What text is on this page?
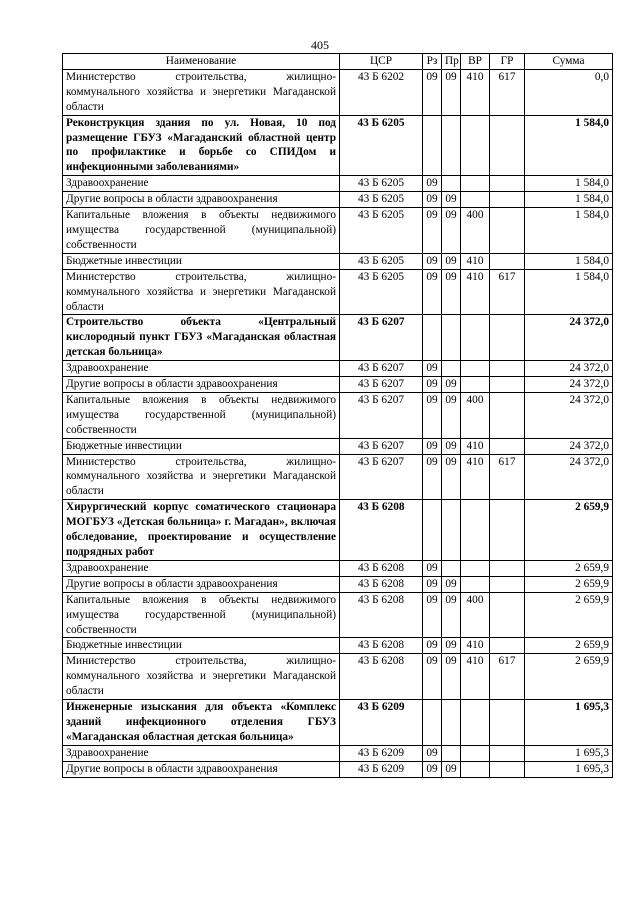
405
Наименование	ЦСР	Рз	Пр	ВР	ГР	Сумма
Министерство строительства, жилищно-коммунального хозяйства и энергетики Магаданской области	43 Б 6202	09	09	410	617	0,0
Реконструкция здания по ул. Новая, 10 под размещение ГБУЗ «Магаданский областной центр по профилактике и борьбе со СПИДом и инфекционными заболеваниями»	43 Б 6205					1 584,0
Здравоохранение	43 Б 6205	09				1 584,0
Другие вопросы в области здравоохранения	43 Б 6205	09	09			1 584,0
Капитальные вложения в объекты недвижимого имущества государственной (муниципальной) собственности	43 Б 6205	09	09	400		1 584,0
Бюджетные инвестиции	43 Б 6205	09	09	410		1 584,0
Министерство строительства, жилищно-коммунального хозяйства и энергетики Магаданской области	43 Б 6205	09	09	410	617	1 584,0
Строительство объекта «Центральный кислородный пункт ГБУЗ «Магаданская областная детская больница»	43 Б 6207					24 372,0
Здравоохранение	43 Б 6207	09				24 372,0
Другие вопросы в области здравоохранения	43 Б 6207	09	09			24 372,0
Капитальные вложения в объекты недвижимого имущества государственной (муниципальной) собственности	43 Б 6207	09	09	400		24 372,0
Бюджетные инвестиции	43 Б 6207	09	09	410		24 372,0
Министерство строительства, жилищно-коммунального хозяйства и энергетики Магаданской области	43 Б 6207	09	09	410	617	24 372,0
Хирургический корпус соматического стационара МОГБУЗ «Детская больница» г. Магадан», включая обследование, проектирование и осуществление подрядных работ	43 Б 6208					2 659,9
Здравоохранение	43 Б 6208	09				2 659,9
Другие вопросы в области здравоохранения	43 Б 6208	09	09			2 659,9
Капитальные вложения в объекты недвижимого имущества государственной (муниципальной) собственности	43 Б 6208	09	09	400		2 659,9
Бюджетные инвестиции	43 Б 6208	09	09	410		2 659,9
Министерство строительства, жилищно-коммунального хозяйства и энергетики Магаданской области	43 Б 6208	09	09	410	617	2 659,9
Инженерные изыскания для объекта «Комплекс зданий инфекционного отделения ГБУЗ «Магаданская областная детская больница»	43 Б 6209					1 695,3
Здравоохранение	43 Б 6209	09				1 695,3
Другие вопросы в области здравоохранения	43 Б 6209	09	09			1 695,3
